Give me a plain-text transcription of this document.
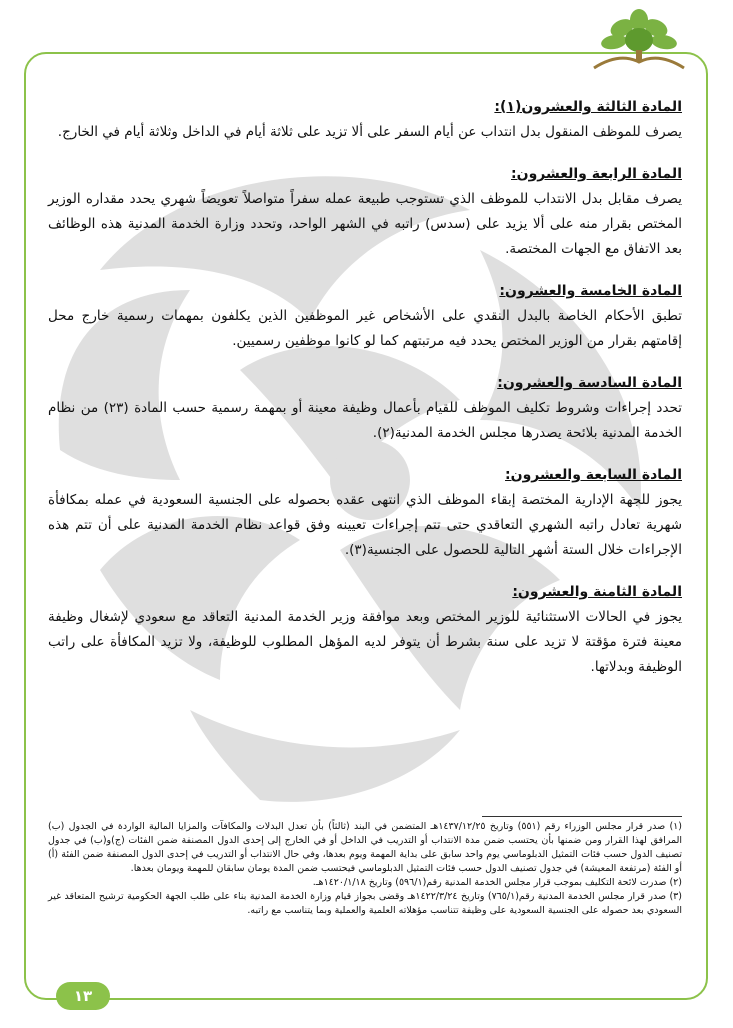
المادة الثالثة والعشرون(١):

يصرف للموظف المنقول بدل انتداب عن أيام السفر على ألا تزيد على ثلاثة أيام في الداخل وثلاثة أيام في الخارج.

المادة الرابعة والعشرون:

يصرف مقابل بدل الانتداب للموظف الذي تستوجب طبيعة عمله سفراً متواصلاً تعويضاً شهري يحدد مقداره الوزير المختص بقرار منه على ألا يزيد على (سدس) راتبه في الشهر الواحد، وتحدد وزارة الخدمة المدنية هذه الوظائف بعد الاتفاق مع الجهات المختصة.

المادة الخامسة والعشرون:

تطبق الأحكام الخاصة بالبدل النقدي على الأشخاص غير الموظفين الذين يكلفون بمهمات رسمية خارج محل إقامتهم بقرار من الوزير المختص يحدد فيه مرتبتهم كما لو كانوا موظفين رسميين.

المادة السادسة والعشرون:

تحدد إجراءات وشروط تكليف الموظف للقيام بأعمال وظيفة معينة أو بمهمة رسمية حسب المادة (٢٣) من نظام الخدمة المدنية بلائحة يصدرها مجلس الخدمة المدنية(٢).

المادة السابعة والعشرون:

يجوز للجهة الإدارية المختصة إبقاء الموظف الذي انتهى عقده بحصوله على الجنسية السعودية في عمله بمكافأة شهرية تعادل راتبه الشهري التعاقدي حتى تتم إجراءات تعيينه وفق قواعد نظام الخدمة المدنية على أن تتم هذه الإجراءات خلال الستة أشهر التالية للحصول على الجنسية(٣).

المادة الثامنة والعشرون:

يجوز في الحالات الاستثنائية للوزير المختص وبعد موافقة وزير الخدمة المدنية التعاقد مع سعودي لإشغال وظيفة معينة فترة مؤقتة لا تزيد على سنة بشرط أن يتوفر لديه المؤهل المطلوب للوظيفة، ولا تزيد المكافأة على راتب الوظيفة وبدلاتها.

(١) صدر قرار مجلس الوزراء رقم (٥٥١) وتاريخ ١٤٣٧/١٢/٢٥هـ المتضمن في البند (ثالثاً) بأن تعدل البدلات والمكافآت والمزايا المالية الواردة في الجدول (ب) المرافق لهذا القرار ومن ضمنها بأن يحتسب ضمن مدة الانتداب أو التدريب في الداخل أو في الخارج إلى إحدى الدول المصنفة ضمن الفئات (ج)و(ب) في جدول تصنيف الدول حسب فئات التمثيل الدبلوماسي يوم واحد سابق على بداية المهمة ويوم بعدها، وفي حال الانتداب أو التدريب في إحدى الدول المصنفة ضمن الفئة (أ) أو الفئة (مرتفعة المعيشة) في جدول تصنيف الدول حسب فئات التمثيل الدبلوماسي فيحتسب ضمن المدة يومان سابقان للمهمة ويومان بعدها.

(٢) صدرت لائحة التكليف بموجب قرار مجلس الخدمة المدنية رقم(٥٩٦/١) وتاريخ ١٤٢٠/١/١٨هـ.

(٣) صدر قرار مجلس الخدمة المدنية رقم(٧٦٥/١) وتاريخ ١٤٢٢/٣/٢٤هـ وقضى بجواز قيام وزارة الخدمة المدنية بناء على طلب الجهة الحكومية ترشيح المتعاقد غير السعودي بعد حصوله على الجنسية السعودية على وظيفة تتناسب مؤهلاته العلمية والعملية وبما يتناسب مع راتبه.

١٣
